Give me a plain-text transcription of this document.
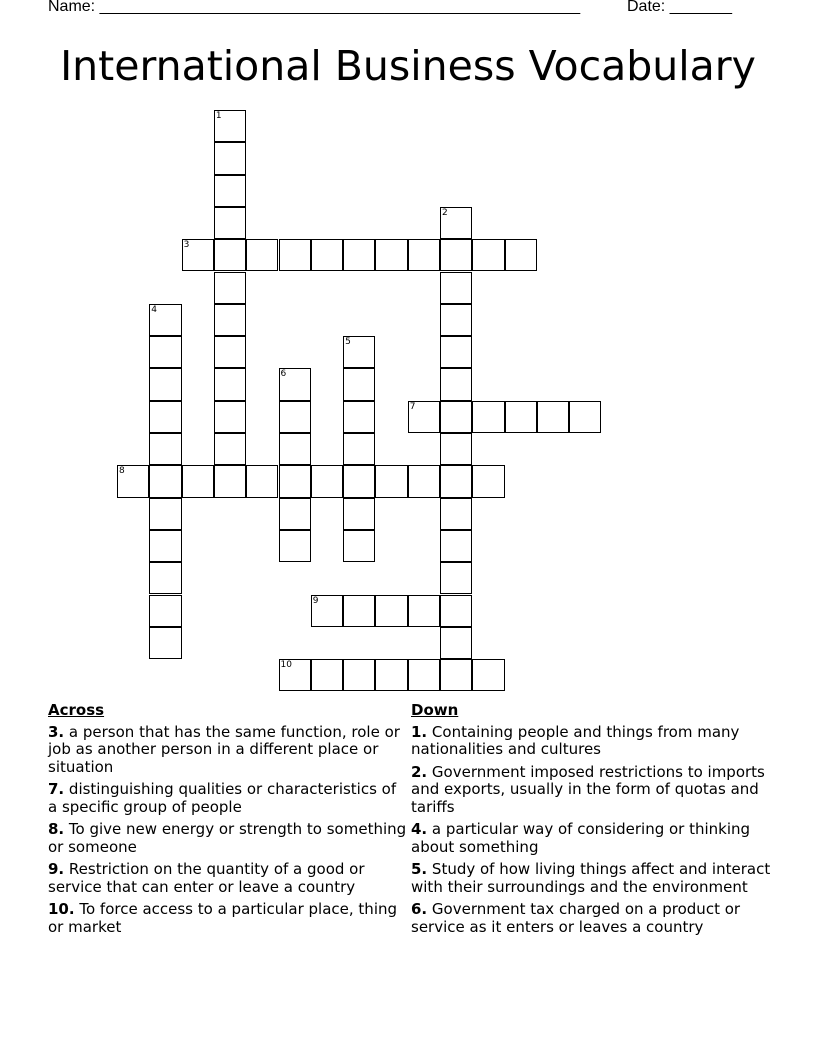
Name: ______________________________________________________	Date: _______
International Business Vocabulary
1
2
3
4
5
6
7
8
9
10
Across
3. a person that has the same function, role or job as another person in a different place or situation
7. distinguishing qualities or characteristics of a specific group of people
8. To give new energy or strength to something or someone
9. Restriction on the quantity of a good or service that can enter or leave a country
10. To force access to a particular place, thing or market
Down
1. Containing people and things from many nationalities and cultures
2. Government imposed restrictions to imports and exports, usually in the form of quotas and tariffs
4. a particular way of considering or thinking about something
5. Study of how living things affect and interact with their surroundings and the environment
6. Government tax charged on a product or service as it enters or leaves a country
